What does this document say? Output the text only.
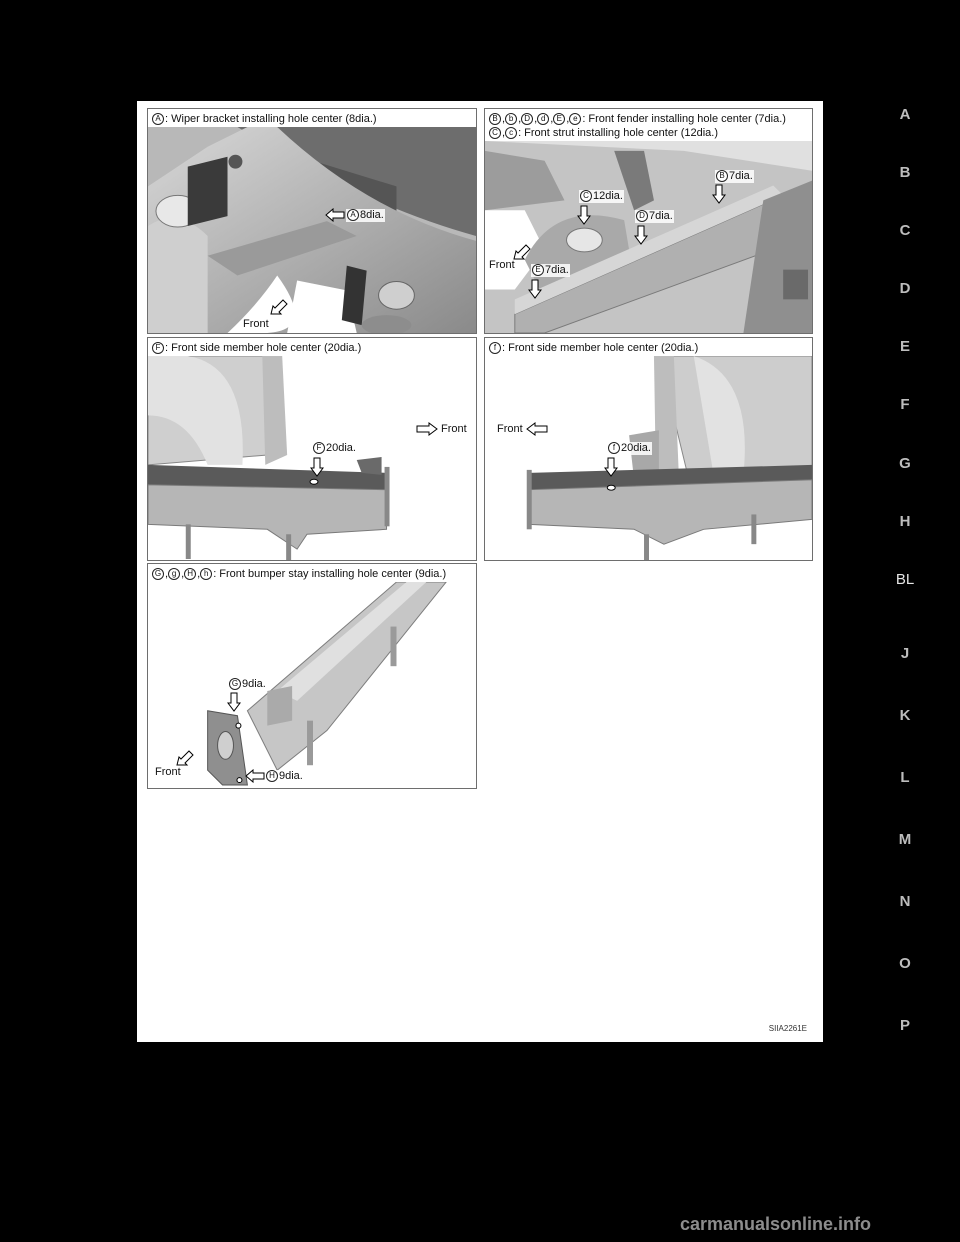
A : Wiper bracket installing hole center (8dia.)
A 8dia.
Front
B , b , D , d , E , e : Front fender installing hole center (7dia.)
C , c : Front strut installing hole center (12dia.)
B 7dia.
C 12dia.
D 7dia.
E 7dia.
Front
F : Front side member hole center (20dia.)
F 20dia.
Front
f : Front side member hole center (20dia.)
f 20dia.
Front
G , g , H , h : Front bumper stay installing hole center (9dia.)
G 9dia.
H 9dia.
Front
SIIA2261E
A
B
C
D
E
F
G
H
BL
J
K
L
M
N
O
P
carmanualsonline.info
